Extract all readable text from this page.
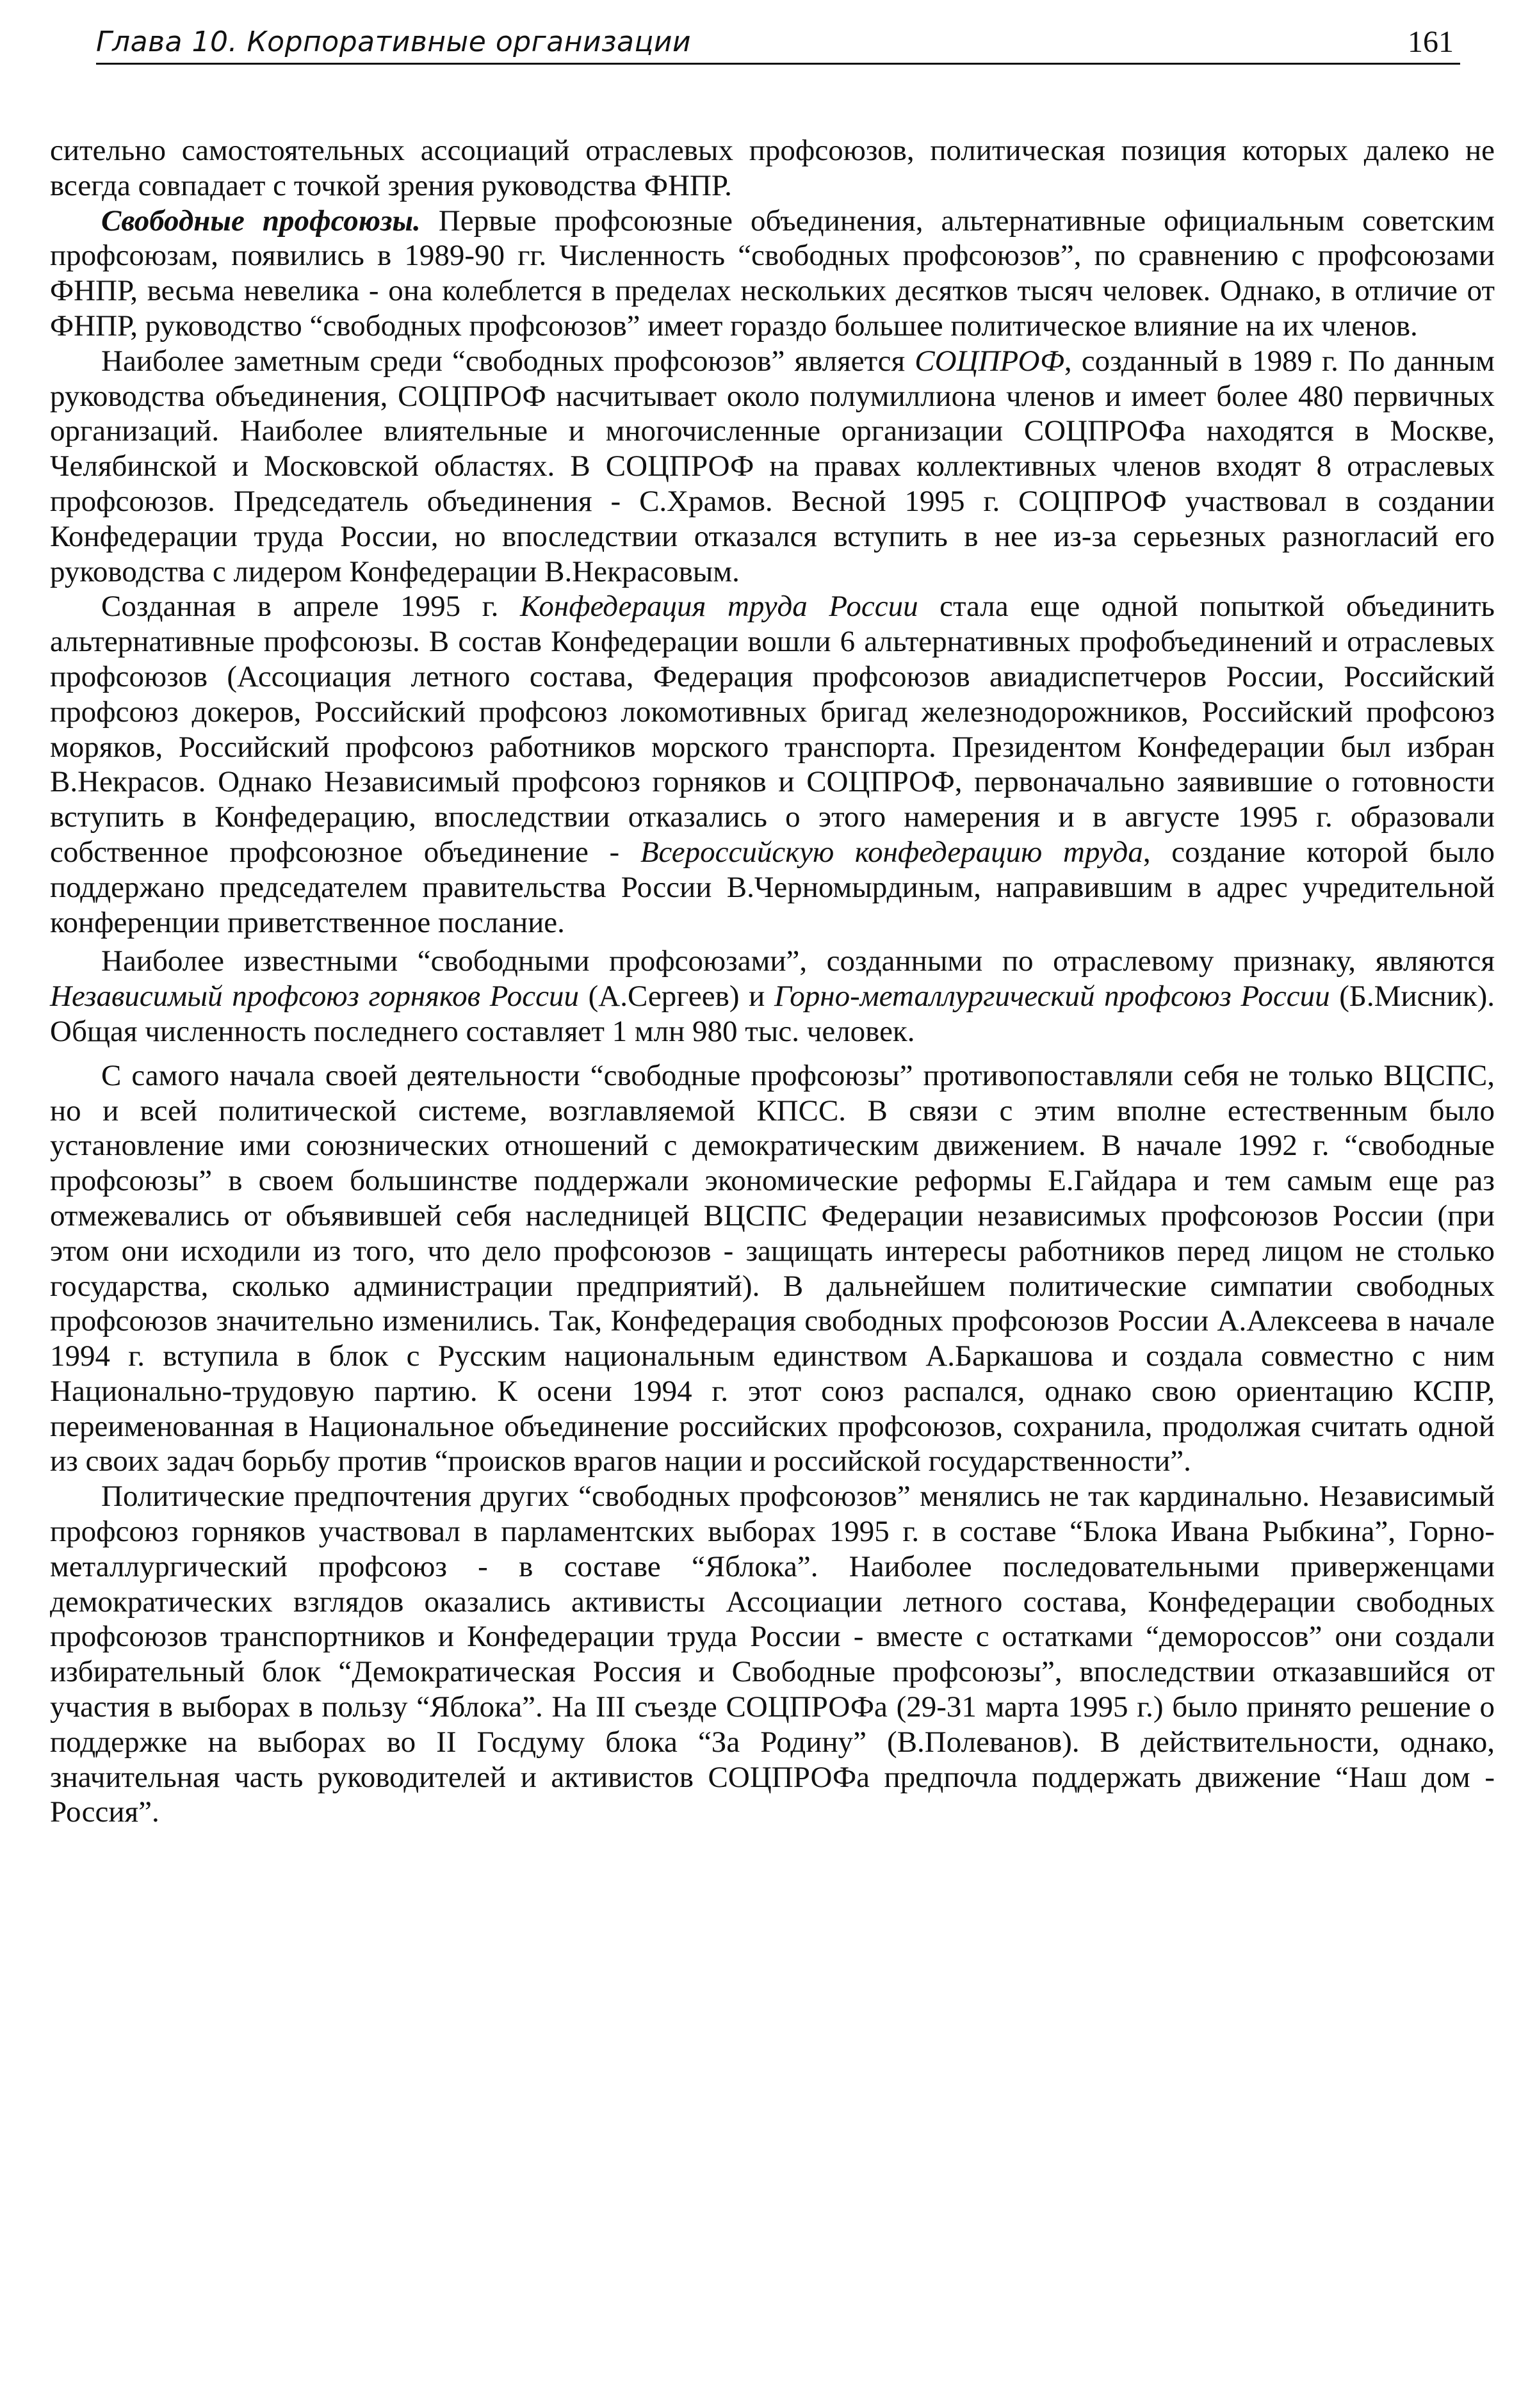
Глава 10. Корпоративные организации	161

сительно самостоятельных ассоциаций отраслевых профсоюзов, политическая позиция которых далеко не всегда совпадает с точкой зрения руководства ФНПР.

Свободные профсоюзы. Первые профсоюзные объединения, альтернативные официальным советским профсоюзам, появились в 1989-90 гг. Численность “свободных профсоюзов”, по сравнению с профсоюзами ФНПР, весьма невелика - она колеблется в пределах нескольких десятков тысяч человек. Однако, в отличие от ФНПР, руководство “свободных профсоюзов” имеет гораздо большее политическое влияние на их членов.

Наиболее заметным среди “свободных профсоюзов” является СОЦПРОФ, созданный в 1989 г. По данным руководства объединения, СОЦПРОФ насчитывает около полумиллиона членов и имеет более 480 первичных организаций. Наиболее влиятельные и многочисленные организации СОЦПРОФа находятся в Москве, Челябинской и Московской областях. В СОЦПРОФ на правах коллективных членов входят 8 отраслевых профсоюзов. Председатель объединения - С.Храмов. Весной 1995 г. СОЦПРОФ участвовал в создании Конфедерации труда России, но впоследствии отказался вступить в нее из-за серьезных разногласий его руководства с лидером Конфедерации В.Некрасовым.

Созданная в апреле 1995 г. Конфедерация труда России стала еще одной попыткой объединить альтернативные профсоюзы. В состав Конфедерации вошли 6 альтернативных профобъединений и отраслевых профсоюзов (Ассоциация летного состава, Федерация профсоюзов авиадиспетчеров России, Российский профсоюз докеров, Российский профсоюз локомотивных бригад железнодорожников, Российский профсоюз моряков, Российский профсоюз работников морского транспорта. Президентом Конфедерации был избран В.Некрасов. Однако Независимый профсоюз горняков и СОЦПРОФ, первоначально заявившие о готовности вступить в Конфедерацию, впоследствии отказались о этого намерения и в августе 1995 г. образовали собственное профсоюзное объединение - Всероссийскую конфедерацию труда, создание которой было поддержано председателем правительства России В.Черномырдиным, направившим в адрес учредительной конференции приветственное послание.

Наиболее известными “свободными профсоюзами”, созданными по отраслевому признаку, являются Независимый профсоюз горняков России (А.Сергеев) и Горно-металлургический профсоюз России (Б.Мисник). Общая численность последнего составляет 1 млн 980 тыс. человек.

С самого начала своей деятельности “свободные профсоюзы” противопоставляли себя не только ВЦСПС, но и всей политической системе, возглавляемой КПСС. В связи с этим вполне естественным было установление ими союзнических отношений с демократическим движением. В начале 1992 г. “свободные профсоюзы” в своем большинстве поддержали экономические реформы Е.Гайдара и тем самым еще раз отмежевались от объявившей себя наследницей ВЦСПС Федерации независимых профсоюзов России (при этом они исходили из того, что дело профсоюзов - защищать интересы работников перед лицом не столько государства, сколько администрации предприятий). В дальнейшем политические симпатии свободных профсоюзов значительно изменились. Так, Конфедерация свободных профсоюзов России А.Алексеева в начале 1994 г. вступила в блок с Русским национальным единством А.Баркашова и создала совместно с ним Национально-трудовую партию. К осени 1994 г. этот союз распался, однако свою ориентацию КСПР, переименованная в Национальное объединение российских профсоюзов, сохранила, продолжая считать одной из своих задач борьбу против “происков врагов нации и российской государственности”.

Политические предпочтения других “свободных профсоюзов” менялись не так кардинально. Независимый профсоюз горняков участвовал в парламентских выборах 1995 г. в составе “Блока Ивана Рыбкина”, Горно-металлургический профсоюз - в составе “Яблока”. Наиболее последовательными приверженцами демократических взглядов оказались активисты Ассоциации летного состава, Конфедерации свободных профсоюзов транспортников и Конфедерации труда России - вместе с остатками “демороссов” они создали избирательный блок “Демократическая Россия и Свободные профсоюзы”, впоследствии отказавшийся от участия в выборах в пользу “Яблока”. На III съезде СОЦПРОФа (29-31 марта 1995 г.) было принято решение о поддержке на выборах во II Госдуму блока “За Родину” (В.Полеванов). В действительности, однако, значительная часть руководителей и активистов СОЦПРОФа предпочла поддержать движение “Наш дом - Россия”.
